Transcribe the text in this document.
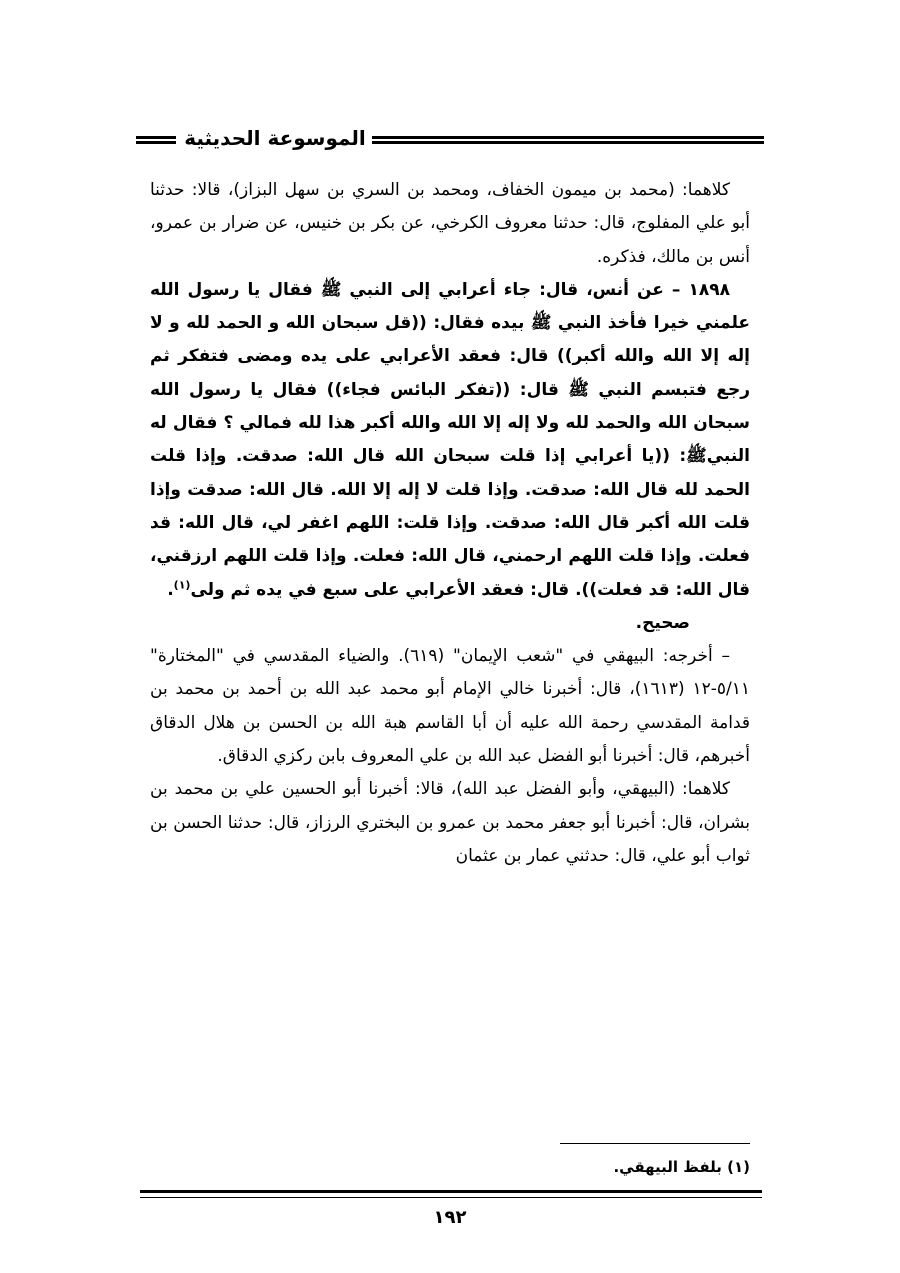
الموسوعة الحديثية

كلاهما: (محمد بن ميمون الخفاف، ومحمد بن السري بن سهل البزاز)، قالا: حدثنا أبو علي المفلوج، قال: حدثنا معروف الكرخي، عن بكر بن خنيس، عن ضرار بن عمرو، أنس بن مالك، فذكره.

١٨٩٨ – عن أنس، قال: جاء أعرابي إلى النبي ﷺ فقال يا رسول الله علمني خيرا فأخذ النبي ﷺ بيده فقال: ((قل سبحان الله و الحمد لله و لا إله إلا الله والله أكبر)) قال: فعقد الأعرابي على يده ومضى فتفكر ثم رجع فتبسم النبي ﷺ قال: ((تفكر البائس فجاء)) فقال يا رسول الله سبحان الله والحمد لله ولا إله إلا الله والله أكبر هذا لله فمالي ؟ فقال له النبيﷺ: ((يا أعرابي إذا قلت سبحان الله قال الله: صدقت. وإذا قلت الحمد لله قال الله: صدقت. وإذا قلت لا إله إلا الله. قال الله: صدقت وإذا قلت الله أكبر قال الله: صدقت. وإذا قلت: اللهم اغفر لي، قال الله: قد فعلت. وإذا قلت اللهم ارحمني، قال الله: فعلت. وإذا قلت اللهم ارزقني، قال الله: قد فعلت)). قال: فعقد الأعرابي على سبع في يده ثم ولى$^{(١)}$.

صحيح.

– أخرجه: البيهقي في "شعب الإيمان" (٦١٩). والضياء المقدسي في "المختارة" ٥/١١-١٢ (١٦١٣)، قال: أخبرنا خالي الإمام أبو محمد عبد الله بن أحمد بن محمد بن قدامة المقدسي رحمة الله عليه أن أبا القاسم هبة الله بن الحسن بن هلال الدقاق أخبرهم، قال: أخبرنا أبو الفضل عبد الله بن علي المعروف بابن ركزي الدقاق.

كلاهما: (البيهقي، وأبو الفضل عبد الله)، قالا: أخبرنا أبو الحسين علي بن محمد بن بشران، قال: أخبرنا أبو جعفر محمد بن عمرو بن البختري الرزاز، قال: حدثنا الحسن بن ثواب أبو علي، قال: حدثني عمار بن عثمان

(١) بلفظ البيهقي.
١٩٢
